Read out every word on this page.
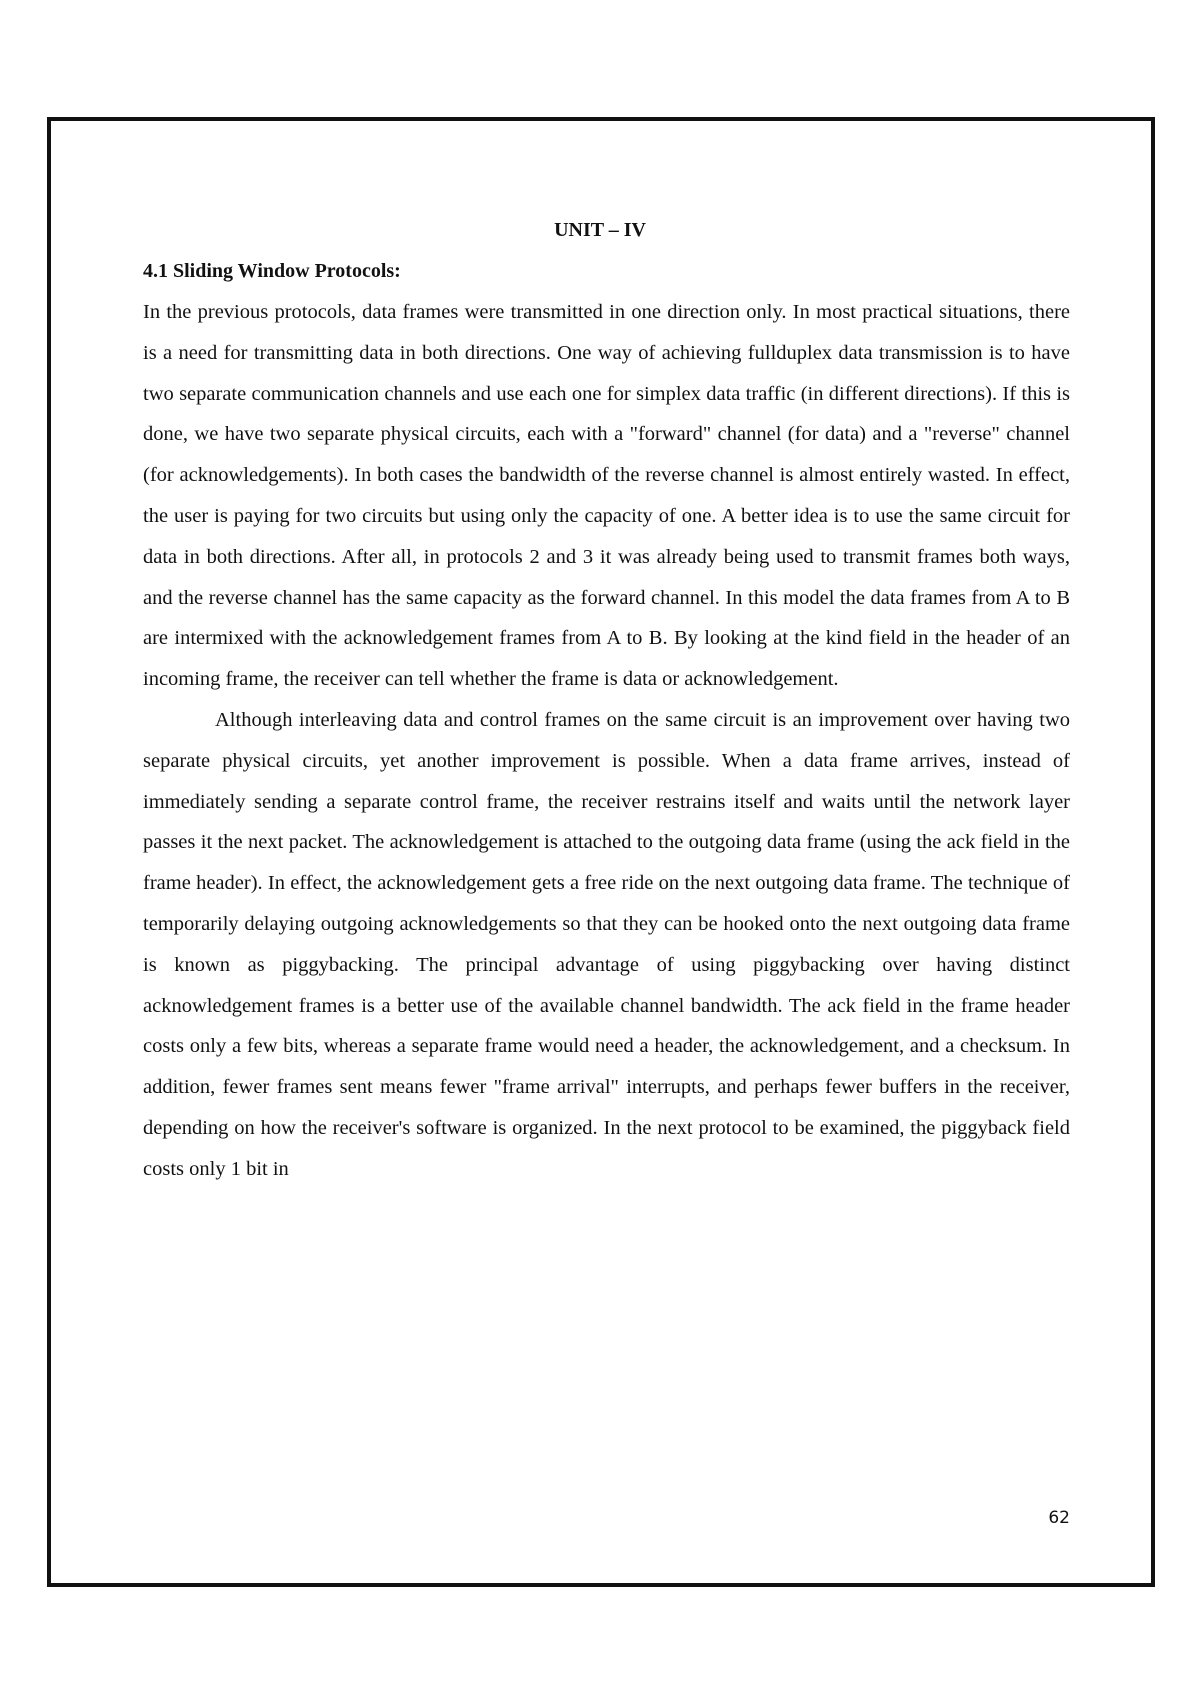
UNIT – IV
4.1 Sliding Window Protocols:

In the previous protocols, data frames were transmitted in one direction only. In most practical situations, there is a need for transmitting data in both directions. One way of achieving fullduplex data transmission is to have two separate communication channels and use each one for simplex data traffic (in different directions). If this is done, we have two separate physical circuits, each with a "forward" channel (for data) and a "reverse" channel (for acknowledgements). In both cases the bandwidth of the reverse channel is almost entirely wasted. In effect, the user is paying for two circuits but using only the capacity of one. A better idea is to use the same circuit for data in both directions. After all, in protocols 2 and 3 it was already being used to transmit frames both ways, and the reverse channel has the same capacity as the forward channel. In this model the data frames from A to B are intermixed with the acknowledgement frames from A to B. By looking at the kind field in the header of an incoming frame, the receiver can tell whether the frame is data or acknowledgement.

Although interleaving data and control frames on the same circuit is an improvement over having two separate physical circuits, yet another improvement is possible. When a data frame arrives, instead of immediately sending a separate control frame, the receiver restrains itself and waits until the network layer passes it the next packet. The acknowledgement is attached to the outgoing data frame (using the ack field in the frame header). In effect, the acknowledgement gets a free ride on the next outgoing data frame. The technique of temporarily delaying outgoing acknowledgements so that they can be hooked onto the next outgoing data frame is known as piggybacking. The principal advantage of using piggybacking over having distinct acknowledgement frames is a better use of the available channel bandwidth. The ack field in the frame header costs only a few bits, whereas a separate frame would need a header, the acknowledgement, and a checksum. In addition, fewer frames sent means fewer "frame arrival" interrupts, and perhaps fewer buffers in the receiver, depending on how the receiver's software is organized. In the next protocol to be examined, the piggyback field costs only 1 bit in

62
